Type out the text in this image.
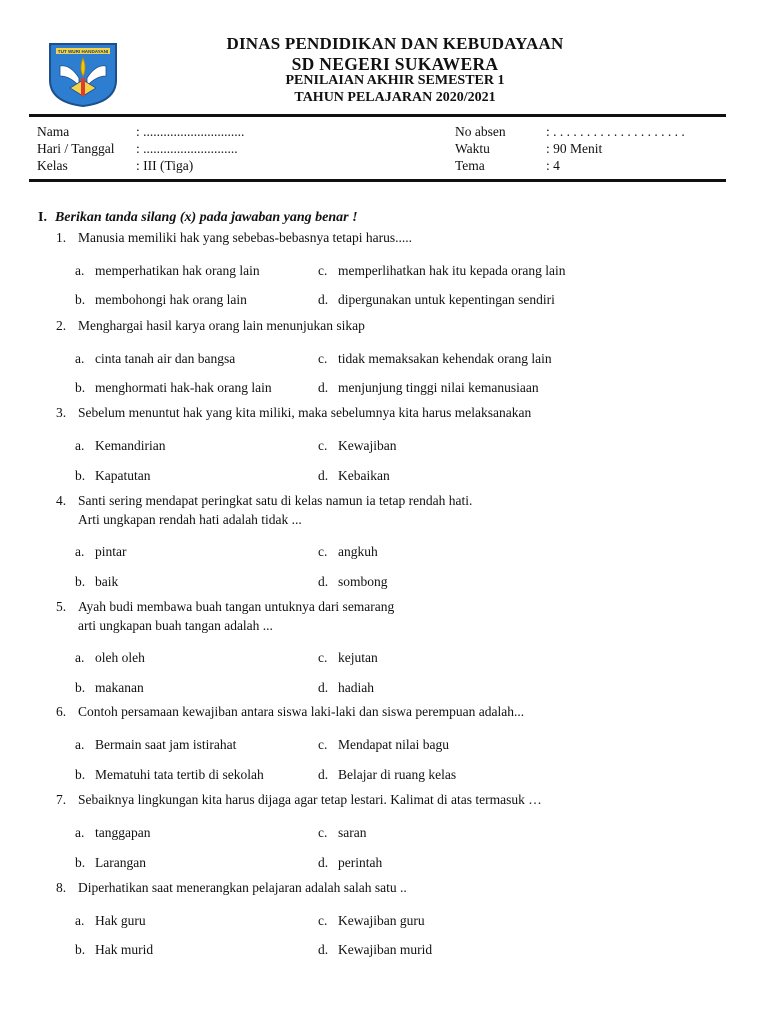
TUT WURI HANDAYANI	DINAS PENDIDIKAN DAN KEBUDAYAAN
SD NEGERI SUKAWERA
PENILAIAN AKHIR SEMESTER 1
TAHUN PELAJARAN 2020/2021
Nama	: ..............................
Hari / Tanggal : ............................
Kelas	: III (Tiga)
No absen	: . . . . . . . . . . . . . . . . . . . .
Waktu	: 90 Menit
Tema	: 4
I. Berikan tanda silang (x) pada jawaban yang benar !
1. Manusia memiliki hak yang sebebas-bebasnya tetapi harus.....
a. memperhatikan hak orang lain
b. membohongi hak orang lain
c. memperlihatkan hak itu kepada orang lain
d. dipergunakan untuk kepentingan sendiri
2. Menghargai hasil karya orang lain menunjukan sikap
a. cinta tanah air dan bangsa
b. menghormati hak-hak orang lain
c. tidak memaksakan kehendak orang lain
d. menjunjung tinggi nilai kemanusiaan
3. Sebelum menuntut hak yang kita miliki, maka sebelumnya kita harus melaksanakan
a. Kemandirian
b. Kapatutan
c. Kewajiban
d. Kebaikan
4. Santi sering mendapat peringkat satu di kelas namun ia tetap rendah hati.
Arti ungkapan rendah hati adalah tidak ...
a. pintar
b. baik
c. angkuh
d. sombong
5. Ayah budi membawa buah tangan untuknya dari semarang
arti ungkapan buah tangan adalah ...
a. oleh oleh
b. makanan
c. kejutan
d. hadiah
6. Contoh persamaan kewajiban antara siswa laki-laki dan siswa perempuan adalah...
a. Bermain saat jam istirahat
b. Mematuhi tata tertib di sekolah
c. Mendapat nilai bagu
d. Belajar di ruang kelas
7. Sebaiknya lingkungan kita harus dijaga agar tetap lestari. Kalimat di atas termasuk …
a. tanggapan
b. Larangan
c. saran
d. perintah
8. Diperhatikan saat menerangkan pelajaran adalah salah satu ..
a. Hak guru
b. Hak murid
c. Kewajiban guru
d. Kewajiban murid
